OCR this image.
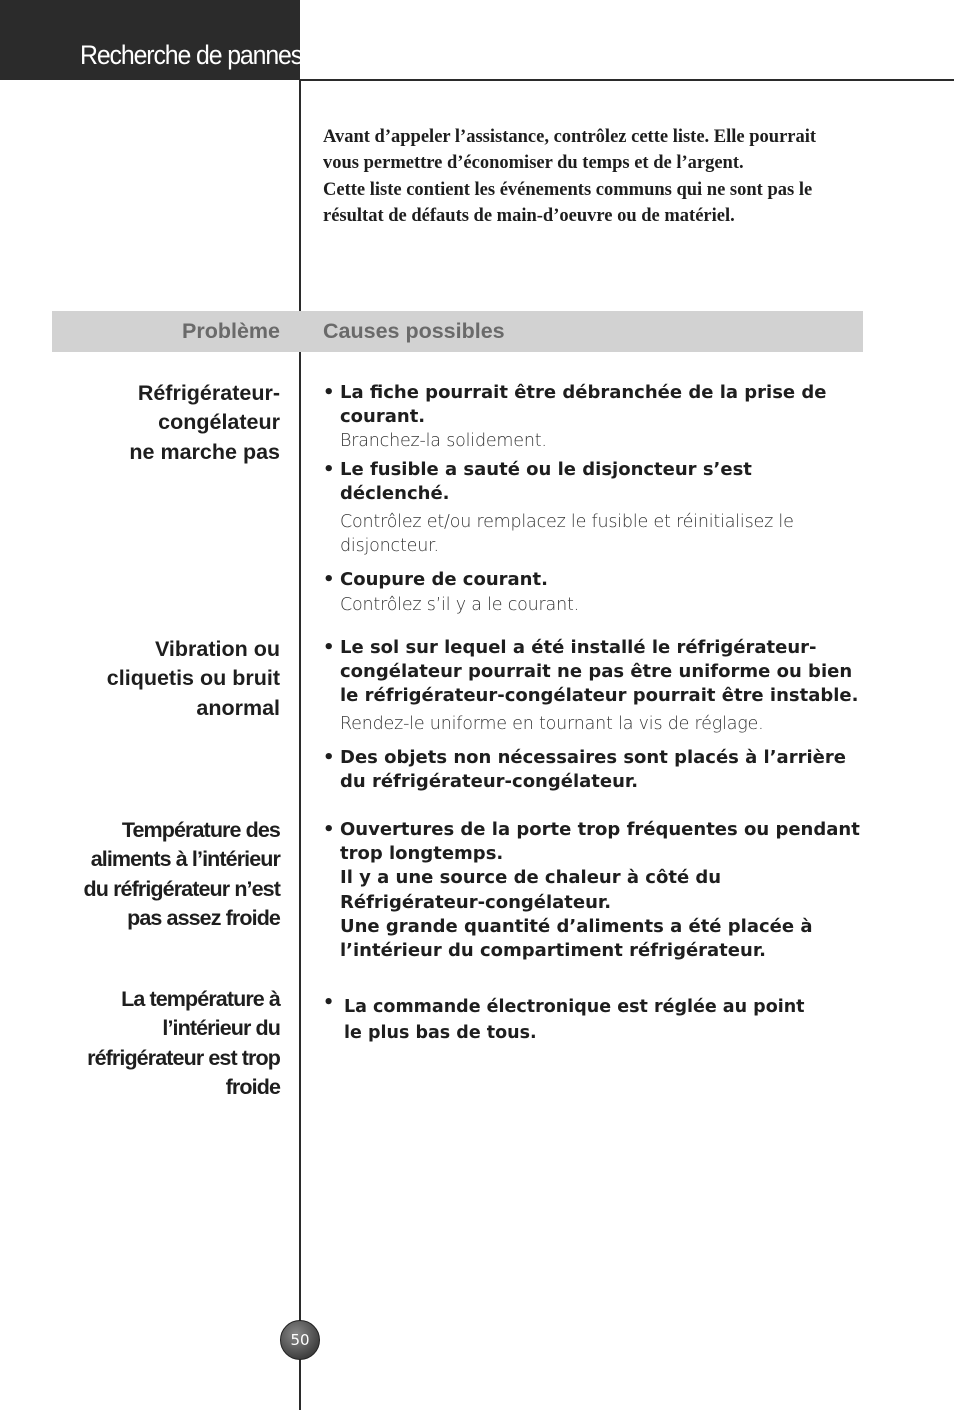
Recherche de pannes

Avant d’appeler l’assistance, contrôlez cette liste. Elle pourrait vous permettre d’économiser du temps et de l’argent.

Cette liste contient les événements communs qui ne sont pas le résultat de défauts de main-d’oeuvre ou de matériel.

Problème Causes possibles

Réfrigérateur-
congélateur
ne marche pas

• La fiche pourrait être débranchée de la prise de courant.
Branchez-la solidement.
• Le fusible a sauté ou le disjoncteur s’est déclenché.
Contrôlez et/ou remplacez le fusible et réinitialisez le disjoncteur.
• Coupure de courant.
Contrôlez s’il y a le courant.

Vibration ou
cliquetis ou bruit
anormal

• Le sol sur lequel a été installé le réfrigérateur-congélateur pourrait ne pas être uniforme ou bien le réfrigérateur-congélateur pourrait être instable.
Rendez-le uniforme en tournant la vis de réglage.
• Des objets non nécessaires sont placés à l’arrière du réfrigérateur-congélateur.

Température des
aliments à l’intérieur
du réfrigérateur n’est
pas assez froide

• Ouvertures de la porte trop fréquentes ou pendant trop longtemps.
Il y a une source de chaleur à côté du Réfrigérateur-congélateur.
Une grande quantité d’aliments a été placée à l’intérieur du compartiment réfrigérateur.

La température à
l’intérieur du
réfrigérateur est trop
froide

• La commande électronique est réglée au point le plus bas de tous.
50
